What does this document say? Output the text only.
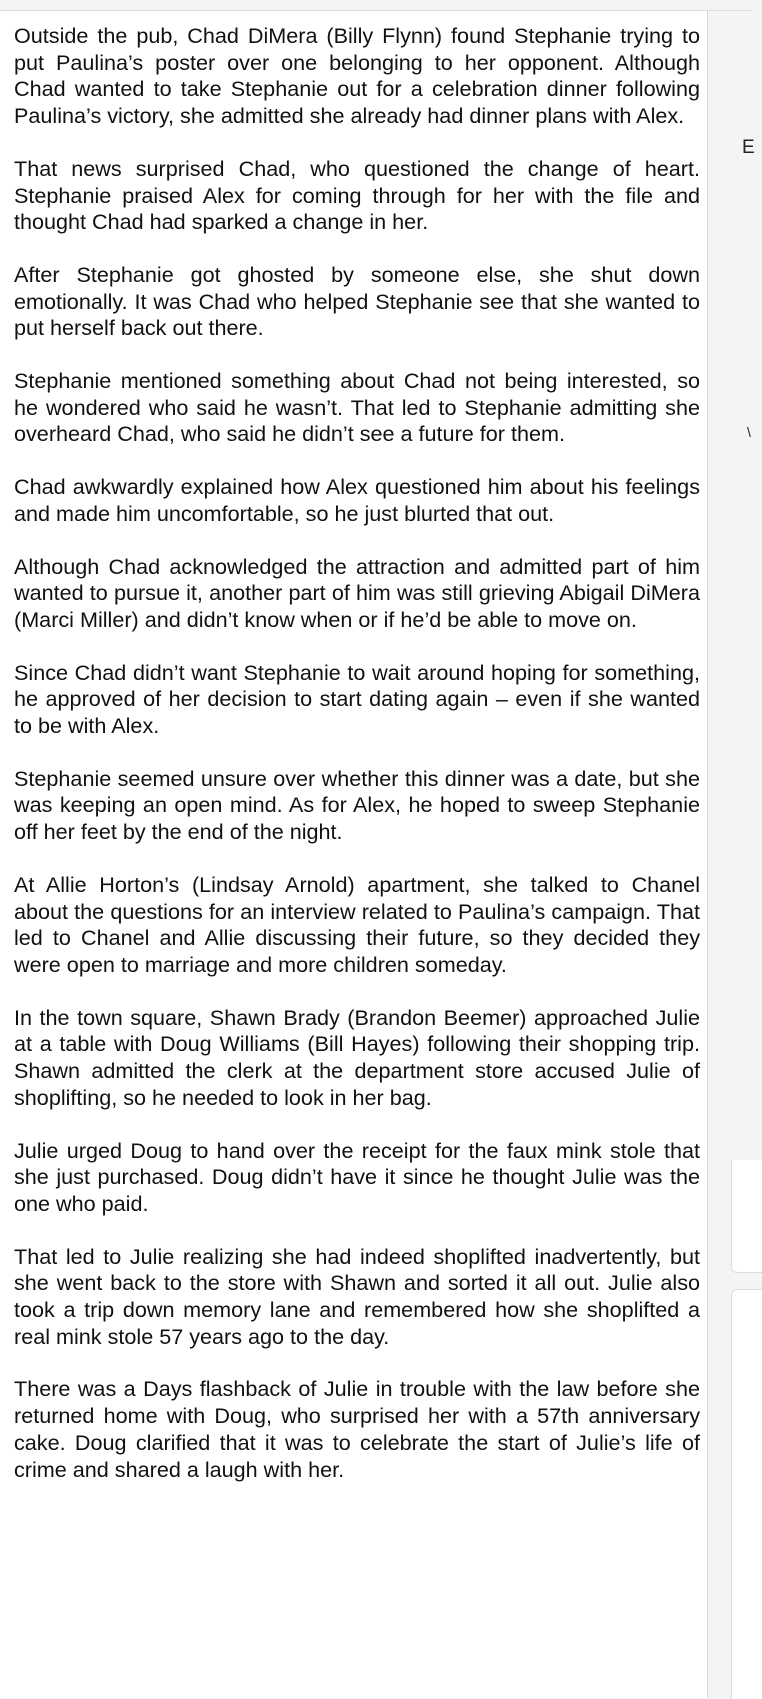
Outside the pub, Chad DiMera (Billy Flynn) found Stephanie trying to put Paulina’s poster over one belonging to her opponent. Although Chad wanted to take Stephanie out for a celebration dinner following Paulina’s victory, she admitted she already had dinner plans with Alex.

That news surprised Chad, who questioned the change of heart. Stephanie praised Alex for coming through for her with the file and thought Chad had sparked a change in her.

After Stephanie got ghosted by someone else, she shut down emotionally. It was Chad who helped Stephanie see that she wanted to put herself back out there.

Stephanie mentioned something about Chad not being interested, so he wondered who said he wasn’t. That led to Stephanie admitting she overheard Chad, who said he didn’t see a future for them.

Chad awkwardly explained how Alex questioned him about his feelings and made him uncomfortable, so he just blurted that out.

Although Chad acknowledged the attraction and admitted part of him wanted to pursue it, another part of him was still grieving Abigail DiMera (Marci Miller) and didn’t know when or if he’d be able to move on.

Since Chad didn’t want Stephanie to wait around hoping for something, he approved of her decision to start dating again – even if she wanted to be with Alex.

Stephanie seemed unsure over whether this dinner was a date, but she was keeping an open mind. As for Alex, he hoped to sweep Stephanie off her feet by the end of the night.

At Allie Horton’s (Lindsay Arnold) apartment, she talked to Chanel about the questions for an interview related to Paulina’s campaign. That led to Chanel and Allie discussing their future, so they decided they were open to marriage and more children someday.

In the town square, Shawn Brady (Brandon Beemer) approached Julie at a table with Doug Williams (Bill Hayes) following their shopping trip. Shawn admitted the clerk at the department store accused Julie of shoplifting, so he needed to look in her bag.

Julie urged Doug to hand over the receipt for the faux mink stole that she just purchased. Doug didn’t have it since he thought Julie was the one who paid.

That led to Julie realizing she had indeed shoplifted inadvertently, but she went back to the store with Shawn and sorted it all out. Julie also took a trip down memory lane and remembered how she shoplifted a real mink stole 57 years ago to the day.

There was a Days flashback of Julie in trouble with the law before she returned home with Doug, who surprised her with a 57th anniversary cake. Doug clarified that it was to celebrate the start of Julie’s life of crime and shared a laugh with her.

E
\
